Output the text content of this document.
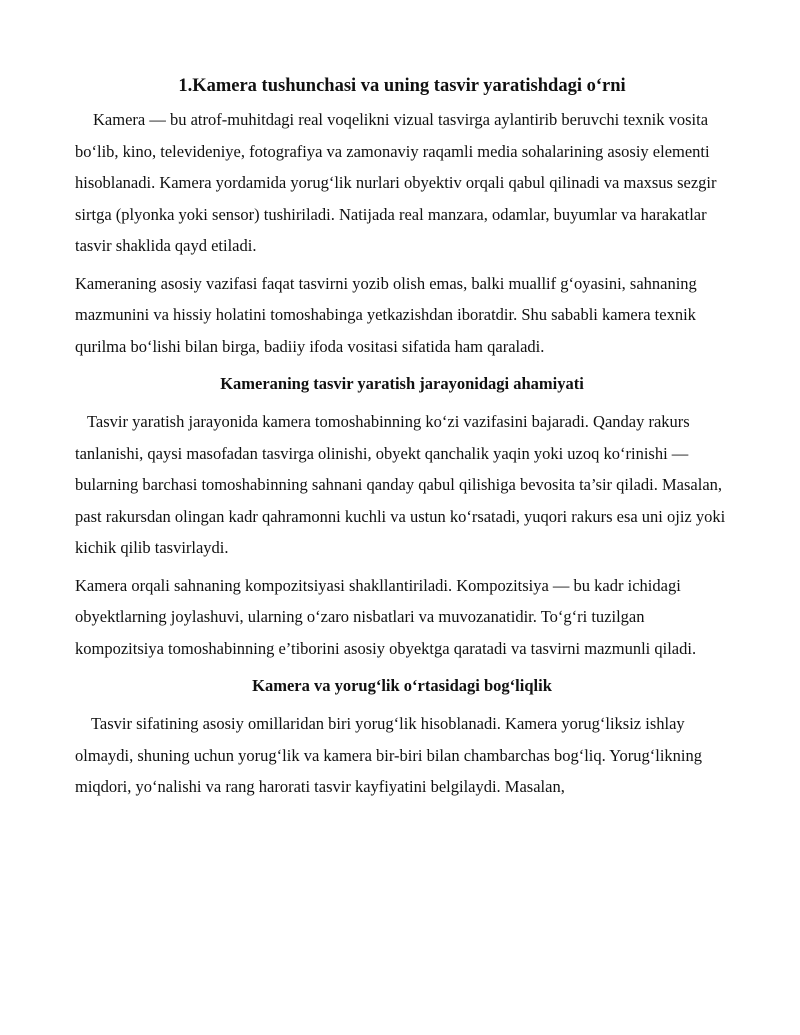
1.Kamera tushunchasi va uning tasvir yaratishdagi o‘rni

Kamera — bu atrof-muhitdagi real voqelikni vizual tasvirga aylantirib beruvchi texnik vosita bo‘lib, kino, televideniye, fotografiya va zamonaviy raqamli media sohalarining asosiy elementi hisoblanadi. Kamera yordamida yorug‘lik nurlari obyektiv orqali qabul qilinadi va maxsus sezgir sirtga (plyonka yoki sensor) tushiriladi. Natijada real manzara, odamlar, buyumlar va harakatlar tasvir shaklida qayd etiladi.

Kameraning asosiy vazifasi faqat tasvirni yozib olish emas, balki muallif g‘oyasini, sahnaning mazmunini va hissiy holatini tomoshabinga yetkazishdan iboratdir. Shu sababli kamera texnik qurilma bo‘lishi bilan birga, badiiy ifoda vositasi sifatida ham qaraladi.

Kameraning tasvir yaratish jarayonidagi ahamiyati

Tasvir yaratish jarayonida kamera tomoshabinning ko‘zi vazifasini bajaradi. Qanday rakurs tanlanishi, qaysi masofadan tasvirga olinishi, obyekt qanchalik yaqin yoki uzoq ko‘rinishi — bularning barchasi tomoshabinning sahnani qanday qabul qilishiga bevosita ta’sir qiladi. Masalan, past rakursdan olingan kadr qahramonni kuchli va ustun ko‘rsatadi, yuqori rakurs esa uni ojiz yoki kichik qilib tasvirlaydi.

Kamera orqali sahnaning kompozitsiyasi shakllantiriladi. Kompozitsiya — bu kadr ichidagi obyektlarning joylashuvi, ularning o‘zaro nisbatlari va muvozanatidir. To‘g‘ri tuzilgan kompozitsiya tomoshabinning e’tiborini asosiy obyektga qaratadi va tasvirni mazmunli qiladi.

Kamera va yorug‘lik o‘rtasidagi bog‘liqlik

Tasvir sifatining asosiy omillaridan biri yorug‘lik hisoblanadi. Kamera yorug‘liksiz ishlay olmaydi, shuning uchun yorug‘lik va kamera bir-biri bilan chambarchas bog‘liq. Yorug‘likning miqdori, yo‘nalishi va rang harorati tasvir kayfiyatini belgilaydi. Masalan,
